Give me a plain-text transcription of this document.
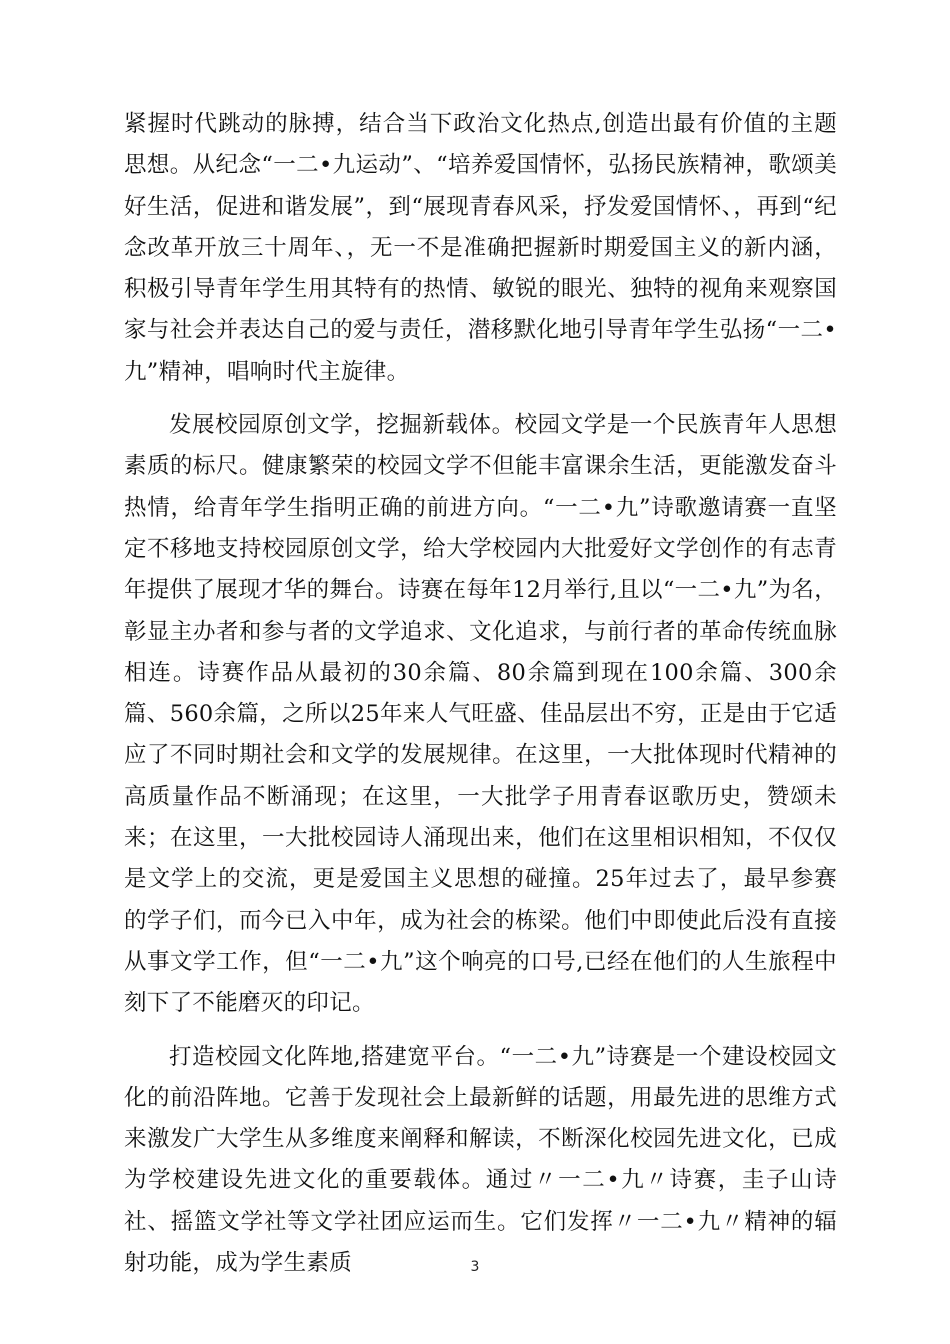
紧握时代跳动的脉搏，结合当下政治文化热点,创造出最有价值的主题思想。从纪念“一二•九运动”、“培养爱国情怀，弘扬民族精神，歌颂美好生活，促进和谐发展”，到“展现青春风采，抒发爱国情怀、，再到“纪念改革开放三十周年、，无一不是准确把握新时期爱国主义的新内涵，积极引导青年学生用其特有的热情、敏锐的眼光、独特的视角来观察国家与社会并表达自己的爱与责任，潜移默化地引导青年学生弘扬“一二•九”精神，唱响时代主旋律。

发展校园原创文学，挖掘新载体。校园文学是一个民族青年人思想素质的标尺。健康繁荣的校园文学不但能丰富课余生活，更能激发奋斗热情，给青年学生指明正确的前进方向。“一二•九”诗歌邀请赛一直坚定不移地支持校园原创文学，给大学校园内大批爱好文学创作的有志青年提供了展现才华的舞台。诗赛在每年12月举行,且以“一二•九”为名，彰显主办者和参与者的文学追求、文化追求，与前行者的革命传统血脉相连。诗赛作品从最初的30余篇、80余篇到现在100余篇、300余篇、560余篇，之所以25年来人气旺盛、佳品层出不穷，正是由于它适应了不同时期社会和文学的发展规律。在这里，一大批体现时代精神的高质量作品不断涌现；在这里，一大批学子用青春讴歌历史，赞颂未来；在这里，一大批校园诗人涌现出来，他们在这里相识相知，不仅仅是文学上的交流，更是爱国主义思想的碰撞。25年过去了，最早参赛的学子们，而今已入中年，成为社会的栋梁。他们中即使此后没有直接从事文学工作，但“一二•九”这个响亮的口号,已经在他们的人生旅程中刻下了不能磨灭的印记。

打造校园文化阵地,搭建宽平台。“一二•九”诗赛是一个建设校园文化的前沿阵地。它善于发现社会上最新鲜的话题，用最先进的思维方式来激发广大学生从多维度来阐释和解读，不断深化校园先进文化，已成为学校建设先进文化的重要载体。通过〃一二•九〃诗赛，圭子山诗社、摇篮文学社等文学社团应运而生。它们发挥〃一二•九〃精神的辐射功能，成为学生素质	3
